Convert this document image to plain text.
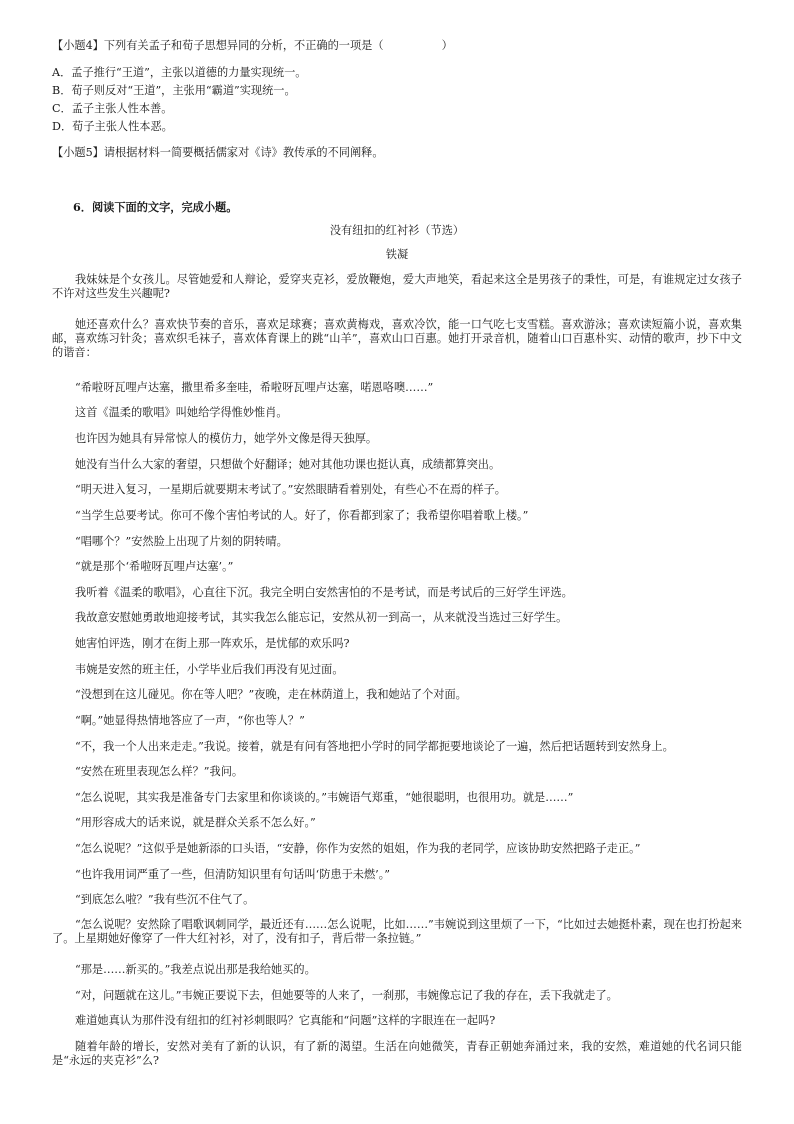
【小题4】下列有关孟子和荀子思想异同的分析，不正确的一项是（	）
A．孟子推行“王道”，主张以道德的力量实现统一。
B．荀子则反对“王道”，主张用“霸道”实现统一。
C．孟子主张人性本善。
D．荀子主张人性本恶。
【小题5】请根据材料一简要概括儒家对《诗》教传承的不同阐释。
6．阅读下面的文字，完成小题。
没有纽扣的红衬衫（节选）
铁凝
我妹妹是个女孩儿。尽管她爱和人辩论，爱穿夹克衫，爱放鞭炮，爱大声地笑，看起来这全是男孩子的秉性，可是，有谁规定过女孩子不许对这些发生兴趣呢?
她还喜欢什么？喜欢快节奏的音乐，喜欢足球赛；喜欢黄梅戏，喜欢冷饮，能一口气吃七支雪糕。喜欢游泳；喜欢读短篇小说，喜欢集邮，喜欢练习针灸；喜欢织毛袜子，喜欢体育课上的跳“山羊”，喜欢山口百惠。她打开录音机，随着山口百惠朴实、动情的歌声，抄下中文的谐音：
“希啦呀瓦哩卢达塞，撒里希多奎哇，希啦呀瓦哩卢达塞，喏恩咯噢……”
这首《温柔的歌唱》叫她给学得惟妙惟肖。
也许因为她具有异常惊人的模仿力，她学外文像是得天独厚。
她没有当什么大家的奢望，只想做个好翻译；她对其他功课也挺认真，成绩都算突出。
“明天进入复习，一星期后就要期末考试了。”安然眼睛看着别处，有些心不在焉的样子。
“当学生总要考试。你可不像个害怕考试的人。好了，你看都到家了；我希望你唱着歌上楼。”
“唱哪个？”安然脸上出现了片刻的阴转晴。
“就是那个‘希啦呀瓦哩卢达塞’。”
我听着《温柔的歌唱》，心直往下沉。我完全明白安然害怕的不是考试，而是考试后的三好学生评选。
我故意安慰她勇敢地迎接考试，其实我怎么能忘记，安然从初一到高一，从来就没当选过三好学生。
她害怕评选，刚才在街上那一阵欢乐，是忧郁的欢乐吗?
韦婉是安然的班主任，小学毕业后我们再没有见过面。
“没想到在这儿碰见。你在等人吧？”夜晚，走在林荫道上，我和她站了个对面。
“啊。”她显得热情地答应了一声，“你也等人？”
“不，我一个人出来走走。”我说。接着，就是有问有答地把小学时的同学都扼要地谈论了一遍，然后把话题转到安然身上。
“安然在班里表现怎么样？”我问。
“怎么说呢，其实我是准备专门去家里和你谈谈的。”韦婉语气郑重，“她很聪明，也很用功。就是……”
“用形容成大的话来说，就是群众关系不怎么好。”
“怎么说呢？”这似乎是她新添的口头语，“安静，你作为安然的姐姐，作为我的老同学，应该协助安然把路子走正。”
“也许我用词严重了一些，但清防知识里有句话叫‘防患于未燃’。”
“到底怎么啦？”我有些沉不住气了。
“怎么说呢？安然除了唱歌讽刺同学，最近还有……怎么说呢，比如……”韦婉说到这里烦了一下，“比如过去她挺朴素，现在也打扮起来了。上星期她好像穿了一件大红衬衫，对了，没有扣子，背后带一条拉链。”
“那是……新买的。”我差点说出那是我给她买的。
“对，问题就在这儿。”韦婉正要说下去，但她要等的人来了，一刹那，韦婉像忘记了我的存在，丢下我就走了。
难道她真认为那件没有纽扣的红衬衫刺眼吗？它真能和“问题”这样的字眼连在一起吗?
随着年龄的增长，安然对美有了新的认识，有了新的渴望。生活在向她微笑，青春正朝她奔涌过来，我的安然，难道她的代名词只能是“永远的夹克衫”么?
